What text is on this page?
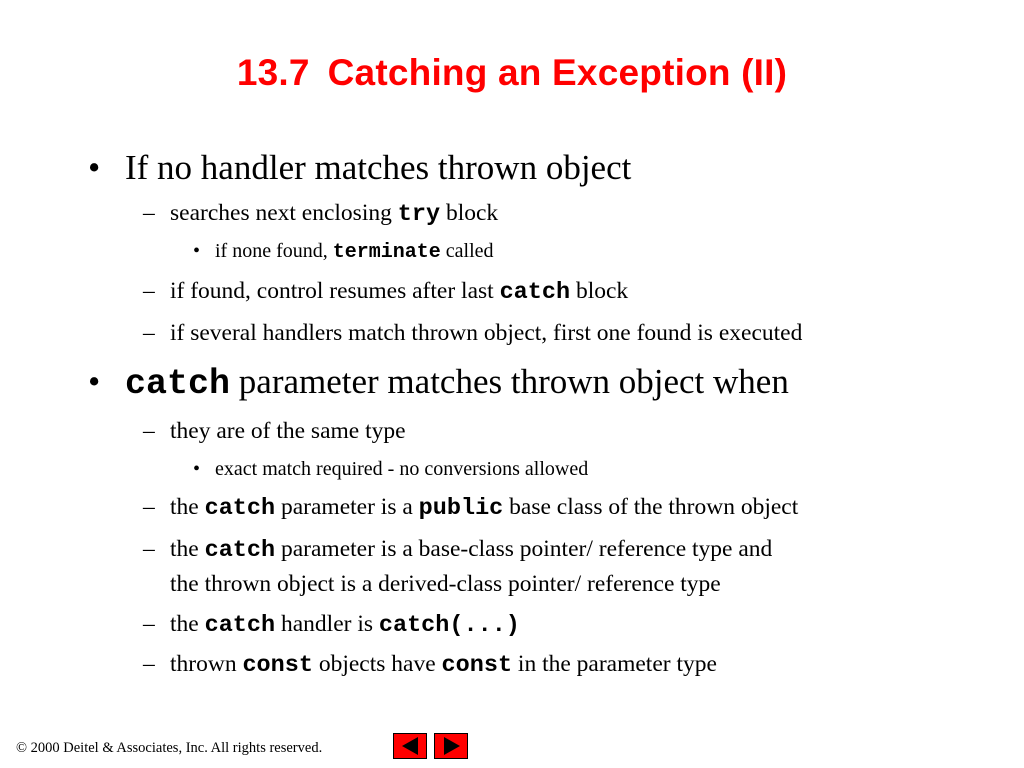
13.7 Catching an Exception (II)
• If no handler matches thrown object
– searches next enclosing try block
• if none found, terminate called
– if found, control resumes after last catch block
– if several handlers match thrown object, first one found is executed
• catch parameter matches thrown object when
– they are of the same type
• exact match required - no conversions allowed
– the catch parameter is a public base class of the thrown object
– the catch parameter is a base-class pointer/ reference type and
the thrown object is a derived-class pointer/ reference type
– the catch handler is catch(...)
– thrown const objects have const in the parameter type
© 2000 Deitel & Associates, Inc. All rights reserved.
